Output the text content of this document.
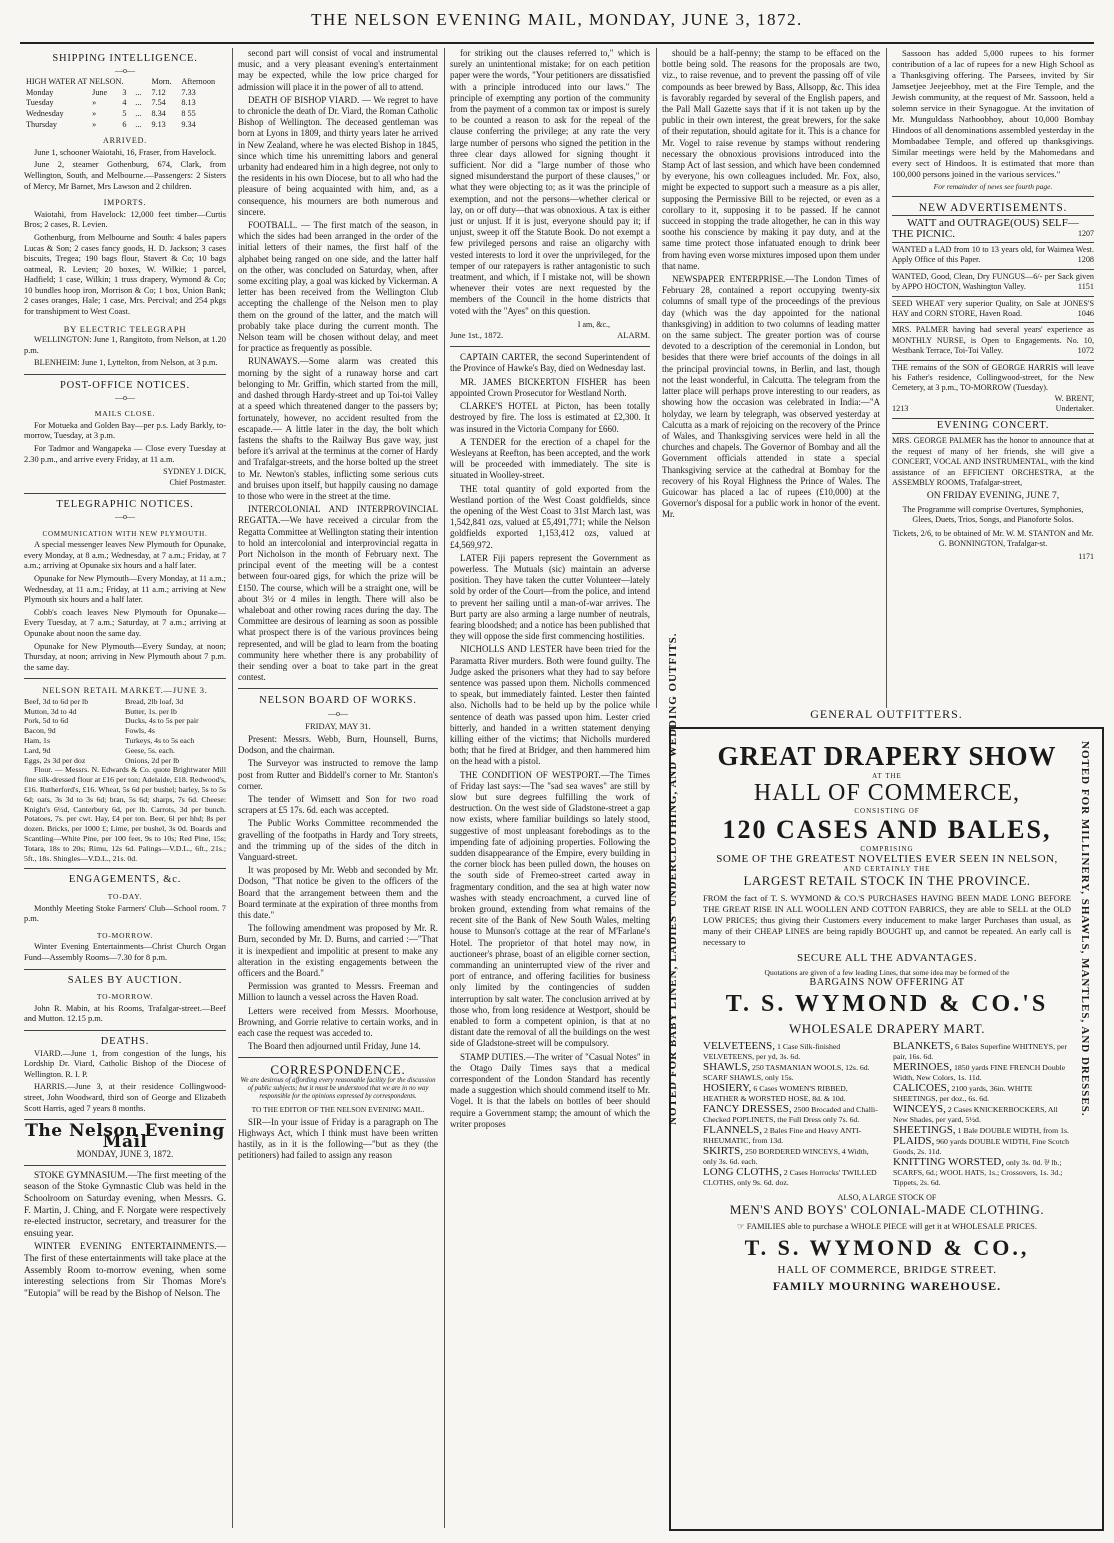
THE NELSON EVENING MAIL, MONDAY, JUNE 3, 1872.
SHIPPING INTELLIGENCE.
—o—
HIGH WATER AT NELSON.				Morn.	Afternoon
Monday	June	3	...	7.12	7.33
Tuesday	»	4	...	7.54	8.13
Wednesday	»	5	...	8.34	8 55
Thursday	»	6	...	9.13	9.34
ARRIVED.

June 1, schooner Waiotahi, 16, Fraser, from Havelock.

June 2, steamer Gothenburg, 674, Clark, from Wellington, South, and Melbourne.—Passengers: 2 Sisters of Mercy, Mr Barnet, Mrs Lawson and 2 children.

IMPORTS.

Waiotahi, from Havelock: 12,000 feet timber—Curtis Bros; 2 cases, R. Levien.

Gothenburg, from Melbourne and South: 4 bales papers Lucas & Son; 2 cases fancy goods, H. D. Jackson; 3 cases biscuits, Tregea; 190 bags flour, Stavert & Co; 10 bags oatmeal, R. Levien; 20 boxes, W. Wilkie; 1 parcel, Hadfield; 1 case, Wilkin; 1 truss drapery, Wymond & Co; 10 bundles hoop iron, Morrison & Co; 1 box, Union Bank; 2 cases oranges, Hale; 1 case, Mrs. Percival; and 254 pkgs for transhipment to West Coast.

BY ELECTRIC TELEGRAPH

WELLINGTON: June 1, Rangitoto, from Nelson, at 1.20 p.m.

BLENHEIM: June 1, Lyttelton, from Nelson, at 3 p.m.

POST-OFFICE NOTICES.
—o—
MAILS CLOSE.

For Motueka and Golden Bay—per p.s. Lady Barkly, to-morrow, Tuesday, at 3 p.m.

For Tadmor and Wangapeka — Close every Tuesday at 2.30 p.m., and arrive every Friday, at 11 a.m.

SYDNEY J. DICK,
Chief Postmaster.
TELEGRAPHIC NOTICES.
—o—
COMMUNICATION WITH NEW PLYMOUTH.

A special messenger leaves New Plymouth for Opunake, every Monday, at 8 a.m.; Wednesday, at 7 a.m.; Friday, at 7 a.m.; arriving at Opunake six hours and a half later.

Opunake for New Plymouth—Every Monday, at 11 a.m.; Wednesday, at 11 a.m.; Friday, at 11 a.m.; arriving at New Plymouth six hours and a half later.

Cobb's coach leaves New Plymouth for Opunake—Every Tuesday, at 7 a.m.; Saturday, at 7 a.m.; arriving at Opunake about noon the same day.

Opunake for New Plymouth—Every Sunday, at noon; Thursday, at noon; arriving in New Plymouth about 7 p.m. the same day.

NELSON RETAIL MARKET.—JUNE 3.
Beef, 3d to 6d per lb
Mutton, 3d to 4d
Pork, 5d to 6d
Bacon, 9d
Ham, 1s
Lard, 9d
Eggs, 2s 3d per doz
Bread, 2lb loaf, 3d
Butter, 1s. per lb
Ducks, 4s to 5s per pair
Fowls, 4s
Turkeys, 4s to 5s each
Geese, 5s. each.
Onions, 2d per lb

Flour. — Messrs. N. Edwards & Co. quote Brightwater Mill fine silk-dressed flour at £16 per ton; Adelaide, £18. Redwood's, £16. Rutherford's, £16. Wheat, 5s 6d per bushel; barley, 5s to 5s 6d; oats, 3s 3d to 3s 6d; bran, 5s 6d; sharps, 7s 6d. Cheese: Knight's 6½d, Canterbury 6d, per lb. Carrots, 3d per bunch. Potatoes, 7s. per cwt. Hay, £4 per ton. Beer, 6l per hhd; 8s per dozen. Bricks, per 1000 £; Lime, per bushel, 3s 0d. Boards and Scantling—White Pine, per 100 feet, 9s to 10s; Red Pine, 15s; Totara, 18s to 20s; Rimu, 12s 6d. Palings—V.D.L., 6ft., 21s.; 5ft., 18s. Shingles—V.D.L., 21s. 0d.

ENGAGEMENTS, &c.
TO-DAY.

Monthly Meeting Stoke Farmers' Club—School room. 7 p.m.

TO-MORROW.

Winter Evening Entertainments—Christ Church Organ Fund—Assembly Rooms—7.30 for 8 p.m.

SALES BY AUCTION.
TO-MORROW.

John R. Mabin, at his Rooms, Trafalgar-street.—Beef and Mutton. 12.15 p.m.

DEATHS.

VIARD.—June 1, from congestion of the lungs, his Lordship Dr. Viard, Catholic Bishop of the Diocese of Wellington. R. I. P.

HARRIS.—June 3, at their residence Collingwood-street, John Woodward, third son of George and Elizabeth Scott Harris, aged 7 years 8 months.

The Nelson Evening Mail
MONDAY, JUNE 3, 1872.

STOKE GYMNASIUM.—The first meeting of the season of the Stoke Gymnastic Club was held in the Schoolroom on Saturday evening, when Messrs. G. F. Martin, J. Ching, and F. Norgate were respectively re-elected instructor, secretary, and treasurer for the ensuing year.

WINTER EVENING ENTERTAINMENTS.—The first of these entertainments will take place at the Assembly Room to-morrow evening, when some interesting selections from Sir Thomas More's "Eutopia" will be read by the Bishop of Nelson. The

second part will consist of vocal and instrumental music, and a very pleasant evening's entertainment may be expected, while the low price charged for admission will place it in the power of all to attend.

DEATH OF BISHOP VIARD. — We regret to have to chronicle the death of Dr. Viard, the Roman Catholic Bishop of Wellington. The deceased gentleman was born at Lyons in 1809, and thirty years later he arrived in New Zealand, where he was elected Bishop in 1845, since which time his unremitting labors and general urbanity had endeared him in a high degree, not only to the residents in his own Diocese, but to all who had the pleasure of being acquainted with him, and, as a consequence, his mourners are both numerous and sincere.

FOOTBALL. — The first match of the season, in which the sides had been arranged in the order of the initial letters of their names, the first half of the alphabet being ranged on one side, and the latter half on the other, was concluded on Saturday, when, after some exciting play, a goal was kicked by Vickerman. A letter has been received from the Wellington Club accepting the challenge of the Nelson men to play them on the ground of the latter, and the match will probably take place during the current month. The Nelson team will be chosen without delay, and meet for practice as frequently as possible.

RUNAWAYS.—Some alarm was created this morning by the sight of a runaway horse and cart belonging to Mr. Griffin, which started from the mill, and dashed through Hardy-street and up Toi-toi Valley at a speed which threatened danger to the passers by; fortunately, however, no accident resulted from the escapade.— A little later in the day, the bolt which fastens the shafts to the Railway Bus gave way, just before it's arrival at the terminus at the corner of Hardy and Trafalgar-streets, and the horse bolted up the street to Mr. Newton's stables, inflicting some serious cuts and bruises upon itself, but happily causing no damage to those who were in the street at the time.

INTERCOLONIAL AND INTERPROVINCIAL REGATTA.—We have received a circular from the Regatta Committee at Wellington stating their intention to hold an intercolonial and interprovincial regatta in Port Nicholson in the month of February next. The principal event of the meeting will be a contest between four-oared gigs, for which the prize will be £150. The course, which will be a straight one, will be about 3½ or 4 miles in length. There will also be whaleboat and other rowing races during the day. The Committee are desirous of learning as soon as possible what prospect there is of the various provinces being represented, and will be glad to learn from the boating community here whether there is any probability of their sending over a boat to take part in the great contest.

NELSON BOARD OF WORKS.
—o—
FRIDAY, MAY 31.

Present: Messrs. Webb, Burn, Hounsell, Burns, Dodson, and the chairman.

The Surveyor was instructed to remove the lamp post from Rutter and Biddell's corner to Mr. Stanton's corner.

The tender of Wimsett and Son for two road scrapers at £5 17s. 6d. each was accepted.

The Public Works Committee recommended the gravelling of the footpaths in Hardy and Tory streets, and the trimming up of the sides of the ditch in Vanguard-street.

It was proposed by Mr. Webb and seconded by Mr. Dodson, "That notice be given to the officers of the Board that the arrangement between them and the Board terminate at the expiration of three months from this date."

The following amendment was proposed by Mr. R. Burn, seconded by Mr. D. Burns, and carried :—"That it is inexpedient and impolitic at present to make any alteration in the existing engagements between the officers and the Board."

Permission was granted to Messrs. Freeman and Million to launch a vessel across the Haven Road.

Letters were received from Messrs. Moorhouse, Browning, and Gorrie relative to certain works, and in each case the request was acceded to.

The Board then adjourned until Friday, June 14.

CORRESPONDENCE.
We are desirous of affording every reasonable facility for the discussion of public subjects; but it must be understood that we are in no way responsible for the opinions expressed by correspondents.
TO THE EDITOR OF THE NELSON EVENING MAIL.

SIR—In your issue of Friday is a paragraph on The Highways Act, which I think must have been written hastily, as in it is the following—"but as they (the petitioners) had failed to assign any reason

for striking out the clauses referred to," which is surely an unintentional mistake; for on each petition paper were the words, "Your petitioners are dissatisfied with a principle introduced into our laws." The principle of exempting any portion of the community from the payment of a common tax or impost is surely to be counted a reason to ask for the repeal of the clause conferring the privilege; at any rate the very large number of persons who signed the petition in the three clear days allowed for signing thought it sufficient. Nor did a "large number of those who signed misunderstand the purport of these clauses," or what they were objecting to; as it was the principle of exemption, and not the persons—whether clerical or lay, on or off duty—that was obnoxious. A tax is either just or unjust. If it is just, everyone should pay it; if unjust, sweep it off the Statute Book. Do not exempt a few privileged persons and raise an oligarchy with vested interests to lord it over the unprivileged, for the temper of our ratepayers is rather antagonistic to such treatment, and which, if I mistake not, will be shown whenever their votes are next requested by the members of the Council in the home districts that voted with the "Ayes" on this question.

I am, &c.,
June 1st., 1872.	ALARM.

CAPTAIN CARTER, the second Superintendent of the Province of Hawke's Bay, died on Wednesday last.

MR. JAMES BICKERTON FISHER has been appointed Crown Prosecutor for Westland North.

CLARKE'S HOTEL at Picton, has been totally destroyed by fire. The loss is estimated at £2,300. It was insured in the Victoria Company for £660.

A TENDER for the erection of a chapel for the Wesleyans at Reefton, has been accepted, and the work will be proceeded with immediately. The site is situated in Woolley-street.

THE total quantity of gold exported from the Westland portion of the West Coast goldfields, since the opening of the West Coast to 31st March last, was 1,542,841 ozs, valued at £5,491,771; while the Nelson goldfields exported 1,153,412 ozs, valued at £4,569,972.

LATER Fiji papers represent the Government as powerless. The Mutuals (sic) maintain an adverse position. They have taken the cutter Volunteer—lately sold by order of the Court—from the police, and intend to prevent her sailing until a man-of-war arrives. The Burt party are also arming a large number of neutrals, fearing bloodshed; and a notice has been published that they will oppose the side first commencing hostilities.

NICHOLLS AND LESTER have been tried for the Paramatta River murders. Both were found guilty. The Judge asked the prisoners what they had to say before sentence was passed upon them. Nicholls commenced to speak, but immediately fainted. Lester then fainted also. Nicholls had to be held up by the police while sentence of death was passed upon him. Lester cried bitterly, and handed in a written statement denying killing either of the victims; that Nicholls murdered both; that he fired at Bridger, and then hammered him on the head with a pistol.

THE CONDITION OF WESTPORT.—The Times of Friday last says:—The "sad sea waves" are still by slow but sure degrees fulfilling the work of destruction. On the west side of Gladstone-street a gap now exists, where familiar buildings so lately stood, suggestive of most unpleasant forebodings as to the impending fate of adjoining properties. Following the sudden disappearance of the Empire, every building in the corner block has been pulled down, the houses on the south side of Fremeo-street carted away in fragmentary condition, and the sea at high water now washes with steady encroachment, a curved line of broken ground, extending from what remains of the recent site of the Bank of New South Wales, melting house to Munson's cottage at the rear of M'Farlane's Hotel. The proprietor of that hotel may now, in auctioneer's phrase, boast of an eligible corner section, commanding an uninterrupted view of the river and port of entrance, and offering facilities for business only limited by the contingencies of sudden interruption by salt water. The conclusion arrived at by those who, from long residence at Westport, should be enabled to form a competent opinion, is that at no distant date the removal of all the buildings on the west side of Gladstone-street will be compulsory.

STAMP DUTIES.—The writer of "Casual Notes" in the Otago Daily Times says that a medical correspondent of the London Standard has recently made a suggestion which should commend itself to Mr. Vogel. It is that the labels on bottles of beer should require a Government stamp; the amount of which the writer proposes

should be a half-penny; the stamp to be effaced on the bottle being sold. The reasons for the proposals are two, viz., to raise revenue, and to prevent the passing off of vile compounds as beer brewed by Bass, Allsopp, &c. This idea is favorably regarded by several of the English papers, and the Pall Mall Gazette says that if it is not taken up by the public in their own interest, the great brewers, for the sake of their reputation, should agitate for it. This is a chance for Mr. Vogel to raise revenue by stamps without rendering necessary the obnoxious provisions introduced into the Stamp Act of last session, and which have been condemned by everyone, his own colleagues included. Mr. Fox, also, might be expected to support such a measure as a pis aller, supposing the Permissive Bill to be rejected, or even as a corollary to it, supposing it to be passed. If he cannot succeed in stopping the trade altogether, he can in this way soothe his conscience by making it pay duty, and at the same time protect those infatuated enough to drink beer from having even worse mixtures imposed upon them under that name.

NEWSPAPER ENTERPRISE.—The London Times of February 28, contained a report occupying twenty-six columns of small type of the proceedings of the previous day (which was the day appointed for the national thanksgiving) in addition to two columns of leading matter on the same subject. The greater portion was of course devoted to a description of the ceremonial in London, but besides that there were brief accounts of the doings in all the principal provincial towns, in Berlin, and last, though not the least wonderful, in Calcutta. The telegram from the latter place will perhaps prove interesting to our readers, as showing how the occasion was celebrated in India:—"A holyday, we learn by telegraph, was observed yesterday at Calcutta as a mark of rejoicing on the recovery of the Prince of Wales, and Thanksgiving services were held in all the churches and chapels. The Governor of Bombay and all the Government officials attended in state a special Thanksgiving service at the cathedral at Bombay for the recovery of his Royal Highness the Prince of Wales. The Guicowar has placed a lac of rupees (£10,000) at the Governor's disposal for a public work in honor of the event. Mr.

Sassoon has added 5,000 rupees to his former contribution of a lac of rupees for a new High School as a Thanksgiving offering. The Parsees, invited by Sir Jamsetjee Jeejeebhoy, met at the Fire Temple, and the Jewish community, at the request of Mr. Sassoon, held a solemn service in their Synagogue. At the invitation of Mr. Munguldass Nathoobhoy, about 10,000 Bombay Hindoos of all denominations assembled yesterday in the Mombadabee Temple, and offered up thanksgivings. Similar meetings were held by the Mahomedans and every sect of Hindoos. It is estimated that more than 100,000 persons joined in the various services."

For remainder of news see fourth page.
NEW ADVERTISEMENTS.
WATT and OUTRAGE(OUS) SELF—
THE PICNIC.	1207
WANTED a LAD from 10 to 13 years old, for Waimea West. Apply Office of this Paper.	1208
WANTED, Good, Clean, Dry FUNGUS—6/- per Sack given by APPO HOCTON, Washington Valley.	1151
SEED WHEAT very superior Quality, on Sale at JONES'S HAY and CORN STORE, Haven Road.	1046
MRS. PALMER having had several years' experience as MONTHLY NURSE, is Open to Engagements. No. 10, Westbank Terrace, Toi-Toi Valley.	1072
THE remains of the SON of GEORGE HARRIS will leave his Father's residence, Collingwood-street, for the New Cemetery, at 3 p.m., TO-MORROW (Tuesday).
W. BRENT,
1213	Undertaker.
EVENING CONCERT.
MRS. GEORGE PALMER has the honor to announce that at the request of many of her friends, she will give a CONCERT, VOCAL AND INSTRUMENTAL, with the kind assistance of an EFFICIENT ORCHESTRA, at the ASSEMBLY ROOMS, Trafalgar-street,
ON FRIDAY EVENING, JUNE 7,
The Programme will comprise Overtures, Symphonies, Glees, Duets, Trios, Songs, and Pianoforte Solos.
Tickets, 2/6, to be obtained of Mr. W. M. STANTON and Mr. G. BONNINGTON, Trafalgar-st.
1171
GENERAL OUTFITTERS.
NOTED FOR BABY LINEN, LADIES' UNDERCLOTHING, AND WEDDING OUTFITS.	NOTED FOR MILLINERY, SHAWLS, MANTLES, AND DRESSES.
GREAT DRAPERY SHOW
AT THE
HALL OF COMMERCE,
CONSISTING OF
120 CASES AND BALES,
COMPRISING
SOME OF THE GREATEST NOVELTIES EVER SEEN IN NELSON,
AND CERTAINLY THE
LARGEST RETAIL STOCK IN THE PROVINCE.
FROM the fact of T. S. WYMOND & CO.'S PURCHASES HAVING BEEN MADE LONG BEFORE THE GREAT RISE IN ALL WOOLLEN AND COTTON FABRICS, they are able to SELL at the OLD LOW PRICES; thus giving their Customers every inducement to make larger Purchases than usual, as many of their CHEAP LINES are being rapidly BOUGHT up, and cannot be repeated. An early call is necessary to
SECURE ALL THE ADVANTAGES.
Quotations are given of a few leading Lines, that some idea may be formed of the
BARGAINS NOW OFFERING AT
T. S. WYMOND & CO.'S
WHOLESALE DRAPERY MART.
VELVETEENS, 1 Case Silk-finished VELVETEENS, per yd, 3s. 6d.
SHAWLS, 250 TASMANIAN WOOLS, 12s. 6d. SCARF SHAWLS, only 15s.
HOSIERY, 6 Cases WOMEN'S RIBBED, HEATHER & WORSTED HOSE, 8d. & 10d.
FANCY DRESSES, 2500 Brocaded and Challi-Checked POPLINETS, the Full Dress only 7s. 6d.
FLANNELS, 2 Bales Fine and Heavy ANTI-RHEUMATIC, from 13d.
SKIRTS, 250 BORDERED WINCEYS, 4 Width, only 3s. 6d. each.
LONG CLOTHS, 2 Cases Horrocks' TWILLED CLOTHS, only 9s. 6d. doz.
BLANKETS, 6 Bales Superfine WHITNEYS, per pair, 16s. 6d.
MERINOES, 1850 yards FINE FRENCH Double Width, New Colors, 1s. 11d.
CALICOES, 2100 yards, 36in. WHITE SHEETINGS, per doz., 6s. 6d.
WINCEYS, 2 Cases KNICKERBOCKERS, All New Shades, per yard, 5½d.
SHEETINGS, 1 Bale DOUBLE WIDTH, from 1s.
PLAIDS, 960 yards DOUBLE WIDTH, Fine Scotch Goods, 2s. 11d.
KNITTING WORSTED, only 3s. 0d. ⅌ lb.; SCARFS, 6d.; WOOL HATS, 1s.; Crossovers, 1s. 3d.; Tippets, 2s. 6d.
ALSO, A LARGE STOCK OF
MEN'S AND BOYS' COLONIAL-MADE CLOTHING.
☞ FAMILIES able to purchase a WHOLE PIECE will get it at WHOLESALE PRICES.
T. S. WYMOND & CO.,
HALL OF COMMERCE, BRIDGE STREET.
FAMILY MOURNING WAREHOUSE.
